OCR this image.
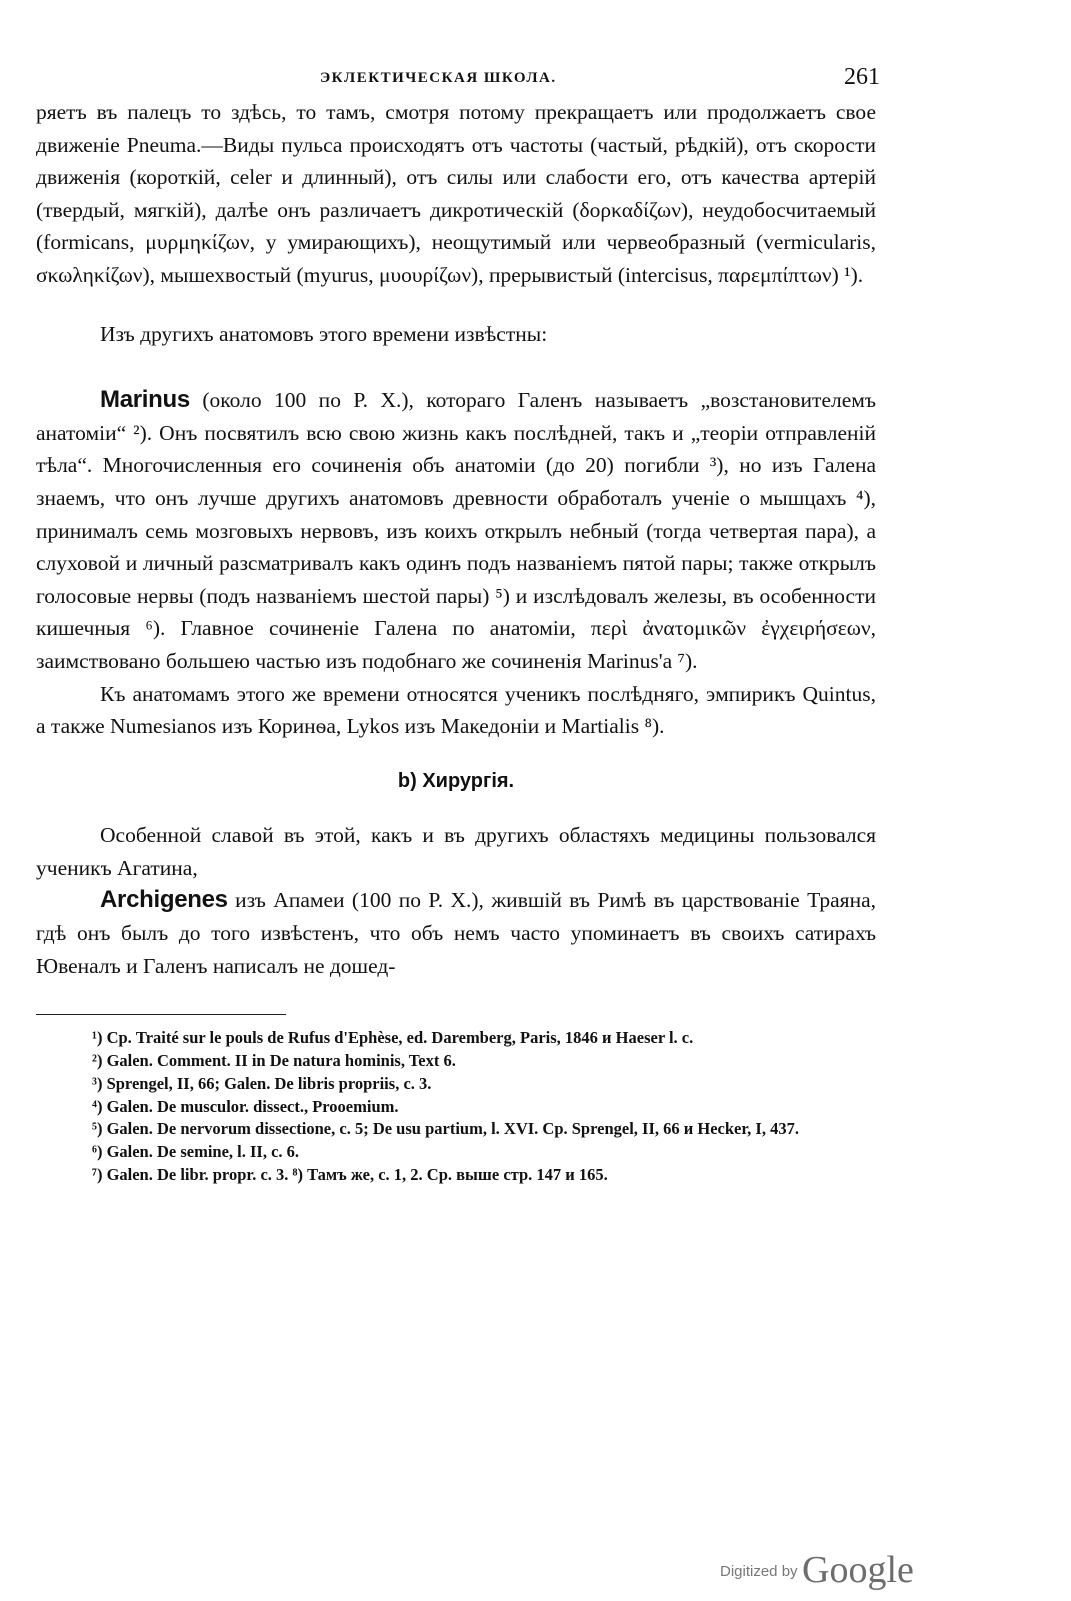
ЭКЛЕКТИЧЕСКАЯ ШКОЛА.	261

ряетъ въ палецъ то здѣсь, то тамъ, смотря потому прекращаетъ или продолжаетъ свое движеніе Pneuma.—Виды пульса происходятъ отъ частоты (частый, рѣдкій), отъ скорости движенія (короткій, celer и длинный), отъ силы или слабости его, отъ качества артерій (твердый, мягкій), далѣе онъ различаетъ дикротическій (δορκαδίζων), неудобосчитаемый (formicans, μυρμηκίζων, у умирающихъ), неощутимый или червеобразный (vermicularis, σκωληκίζων), мышехвостый (myurus, μυουρίζων), прерывистый (intercisus, παρεμπίπτων) ¹).

Изъ другихъ анатомовъ этого времени извѣстны:

Marinus (около 100 по Р. Х.), котораго Галенъ называетъ „возстановителемъ анатоміи“ ²). Онъ посвятилъ всю свою жизнь какъ послѣдней, такъ и „теоріи отправленій тѣла“. Многочисленныя его сочиненія объ анатоміи (до 20) погибли ³), но изъ Галена знаемъ, что онъ лучше другихъ анатомовъ древности обработалъ ученіе о мышцахъ ⁴), принималъ семь мозговыхъ нервовъ, изъ коихъ открылъ небный (тогда четвертая пара), а слуховой и личный разсматривалъ какъ одинъ подъ названіемъ пятой пары; также открылъ голосовые нервы (подъ названіемъ шестой пары) ⁵) и изслѣдовалъ железы, въ особенности кишечныя ⁶). Главное сочиненіе Галена по анатоміи, περὶ ἀνατομικῶν ἐγχειρήσεων, заимствовано большею частью изъ подобнаго же сочиненія Marinus'a ⁷).

Къ анатомамъ этого же времени относятся ученикъ послѣдняго, эмпирикъ Quintus, а также Numesianos изъ Коринѳа, Lykos изъ Македоніи и Martialis ⁸).

b) Хирургія.

Особенной славой въ этой, какъ и въ другихъ областяхъ медицины пользовался ученикъ Агатина,

Archigenes изъ Апамеи (100 по Р. Х.), жившій въ Римѣ въ царствованіе Траяна, гдѣ онъ былъ до того извѣстенъ, что объ немъ часто упоминаетъ въ своихъ сатирахъ Ювеналъ и Галенъ написалъ не дошед-

¹) Ср. Traité sur le pouls de Rufus d'Ephèse, ed. Daremberg, Paris, 1846 и Haeser l. c.

²) Galen. Comment. II in De natura hominis, Text 6.

³) Sprengel, II, 66; Galen. De libris propriis, c. 3.

⁴) Galen. De musculor. dissect., Prooemium.

⁵) Galen. De nervorum dissectione, c. 5; De usu partium, l. XVI. Cp. Sprengel, II, 66 и Hecker, I, 437.

⁶) Galen. De semine, l. II, c. 6.

⁷) Galen. De libr. propr. c. 3. ⁸) Тамъ же, с. 1, 2. Ср. выше стр. 147 и 165.

Digitized by Google
